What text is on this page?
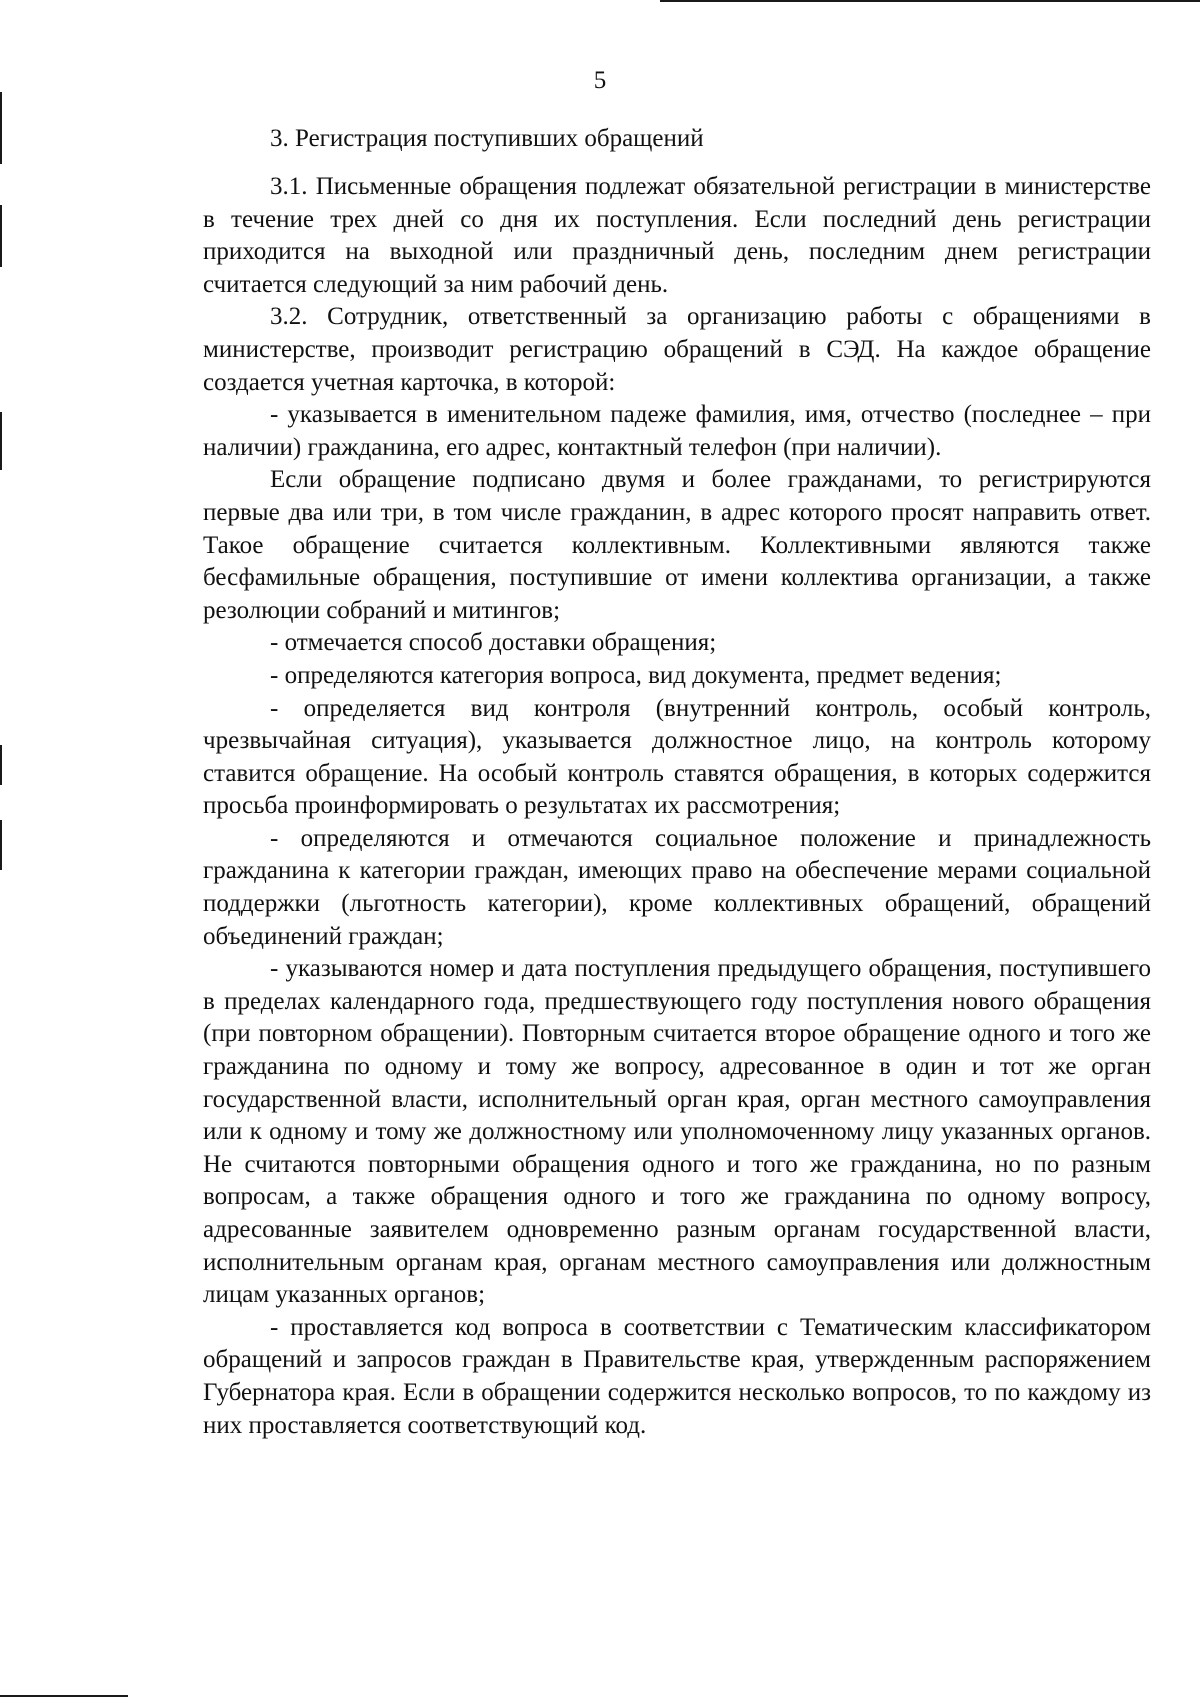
5
3. Регистрация поступивших обращений

3.1. Письменные обращения подлежат обязательной регистрации в министерстве в течение трех дней со дня их поступления. Если последний день регистрации приходится на выходной или праздничный день, последним днем регистрации считается следующий за ним рабочий день.

3.2. Сотрудник, ответственный за организацию работы с обращениями в министерстве, производит регистрацию обращений в СЭД. На каждое обращение создается учетная карточка, в которой:

- указывается в именительном падеже фамилия, имя, отчество (последнее – при наличии) гражданина, его адрес, контактный телефон (при наличии).

Если обращение подписано двумя и более гражданами, то регистрируются первые два или три, в том числе гражданин, в адрес которого просят направить ответ. Такое обращение считается коллективным. Коллективными являются также бесфамильные обращения, поступившие от имени коллектива организации, а также резолюции собраний и митингов;

- отмечается способ доставки обращения;

- определяются категория вопроса, вид документа, предмет ведения;

- определяется вид контроля (внутренний контроль, особый контроль, чрезвычайная ситуация), указывается должностное лицо, на контроль которому ставится обращение. На особый контроль ставятся обращения, в которых содержится просьба проинформировать о результатах их рассмотрения;

- определяются и отмечаются социальное положение и принадлежность гражданина к категории граждан, имеющих право на обеспечение мерами социальной поддержки (льготность категории), кроме коллективных обращений, обращений объединений граждан;

- указываются номер и дата поступления предыдущего обращения, поступившего в пределах календарного года, предшествующего году поступления нового обращения (при повторном обращении). Повторным считается второе обращение одного и того же гражданина по одному и тому же вопросу, адресованное в один и тот же орган государственной власти, исполнительный орган края, орган местного самоуправления или к одному и тому же должностному или уполномоченному лицу указанных органов. Не считаются повторными обращения одного и того же гражданина, но по разным вопросам, а также обращения одного и того же гражданина по одному вопросу, адресованные заявителем одновременно разным органам государственной власти, исполнительным органам края, органам местного самоуправления или должностным лицам указанных органов;

- проставляется код вопроса в соответствии с Тематическим классификатором обращений и запросов граждан в Правительстве края, утвержденным распоряжением Губернатора края. Если в обращении содержится несколько вопросов, то по каждому из них проставляется соответствующий код.
